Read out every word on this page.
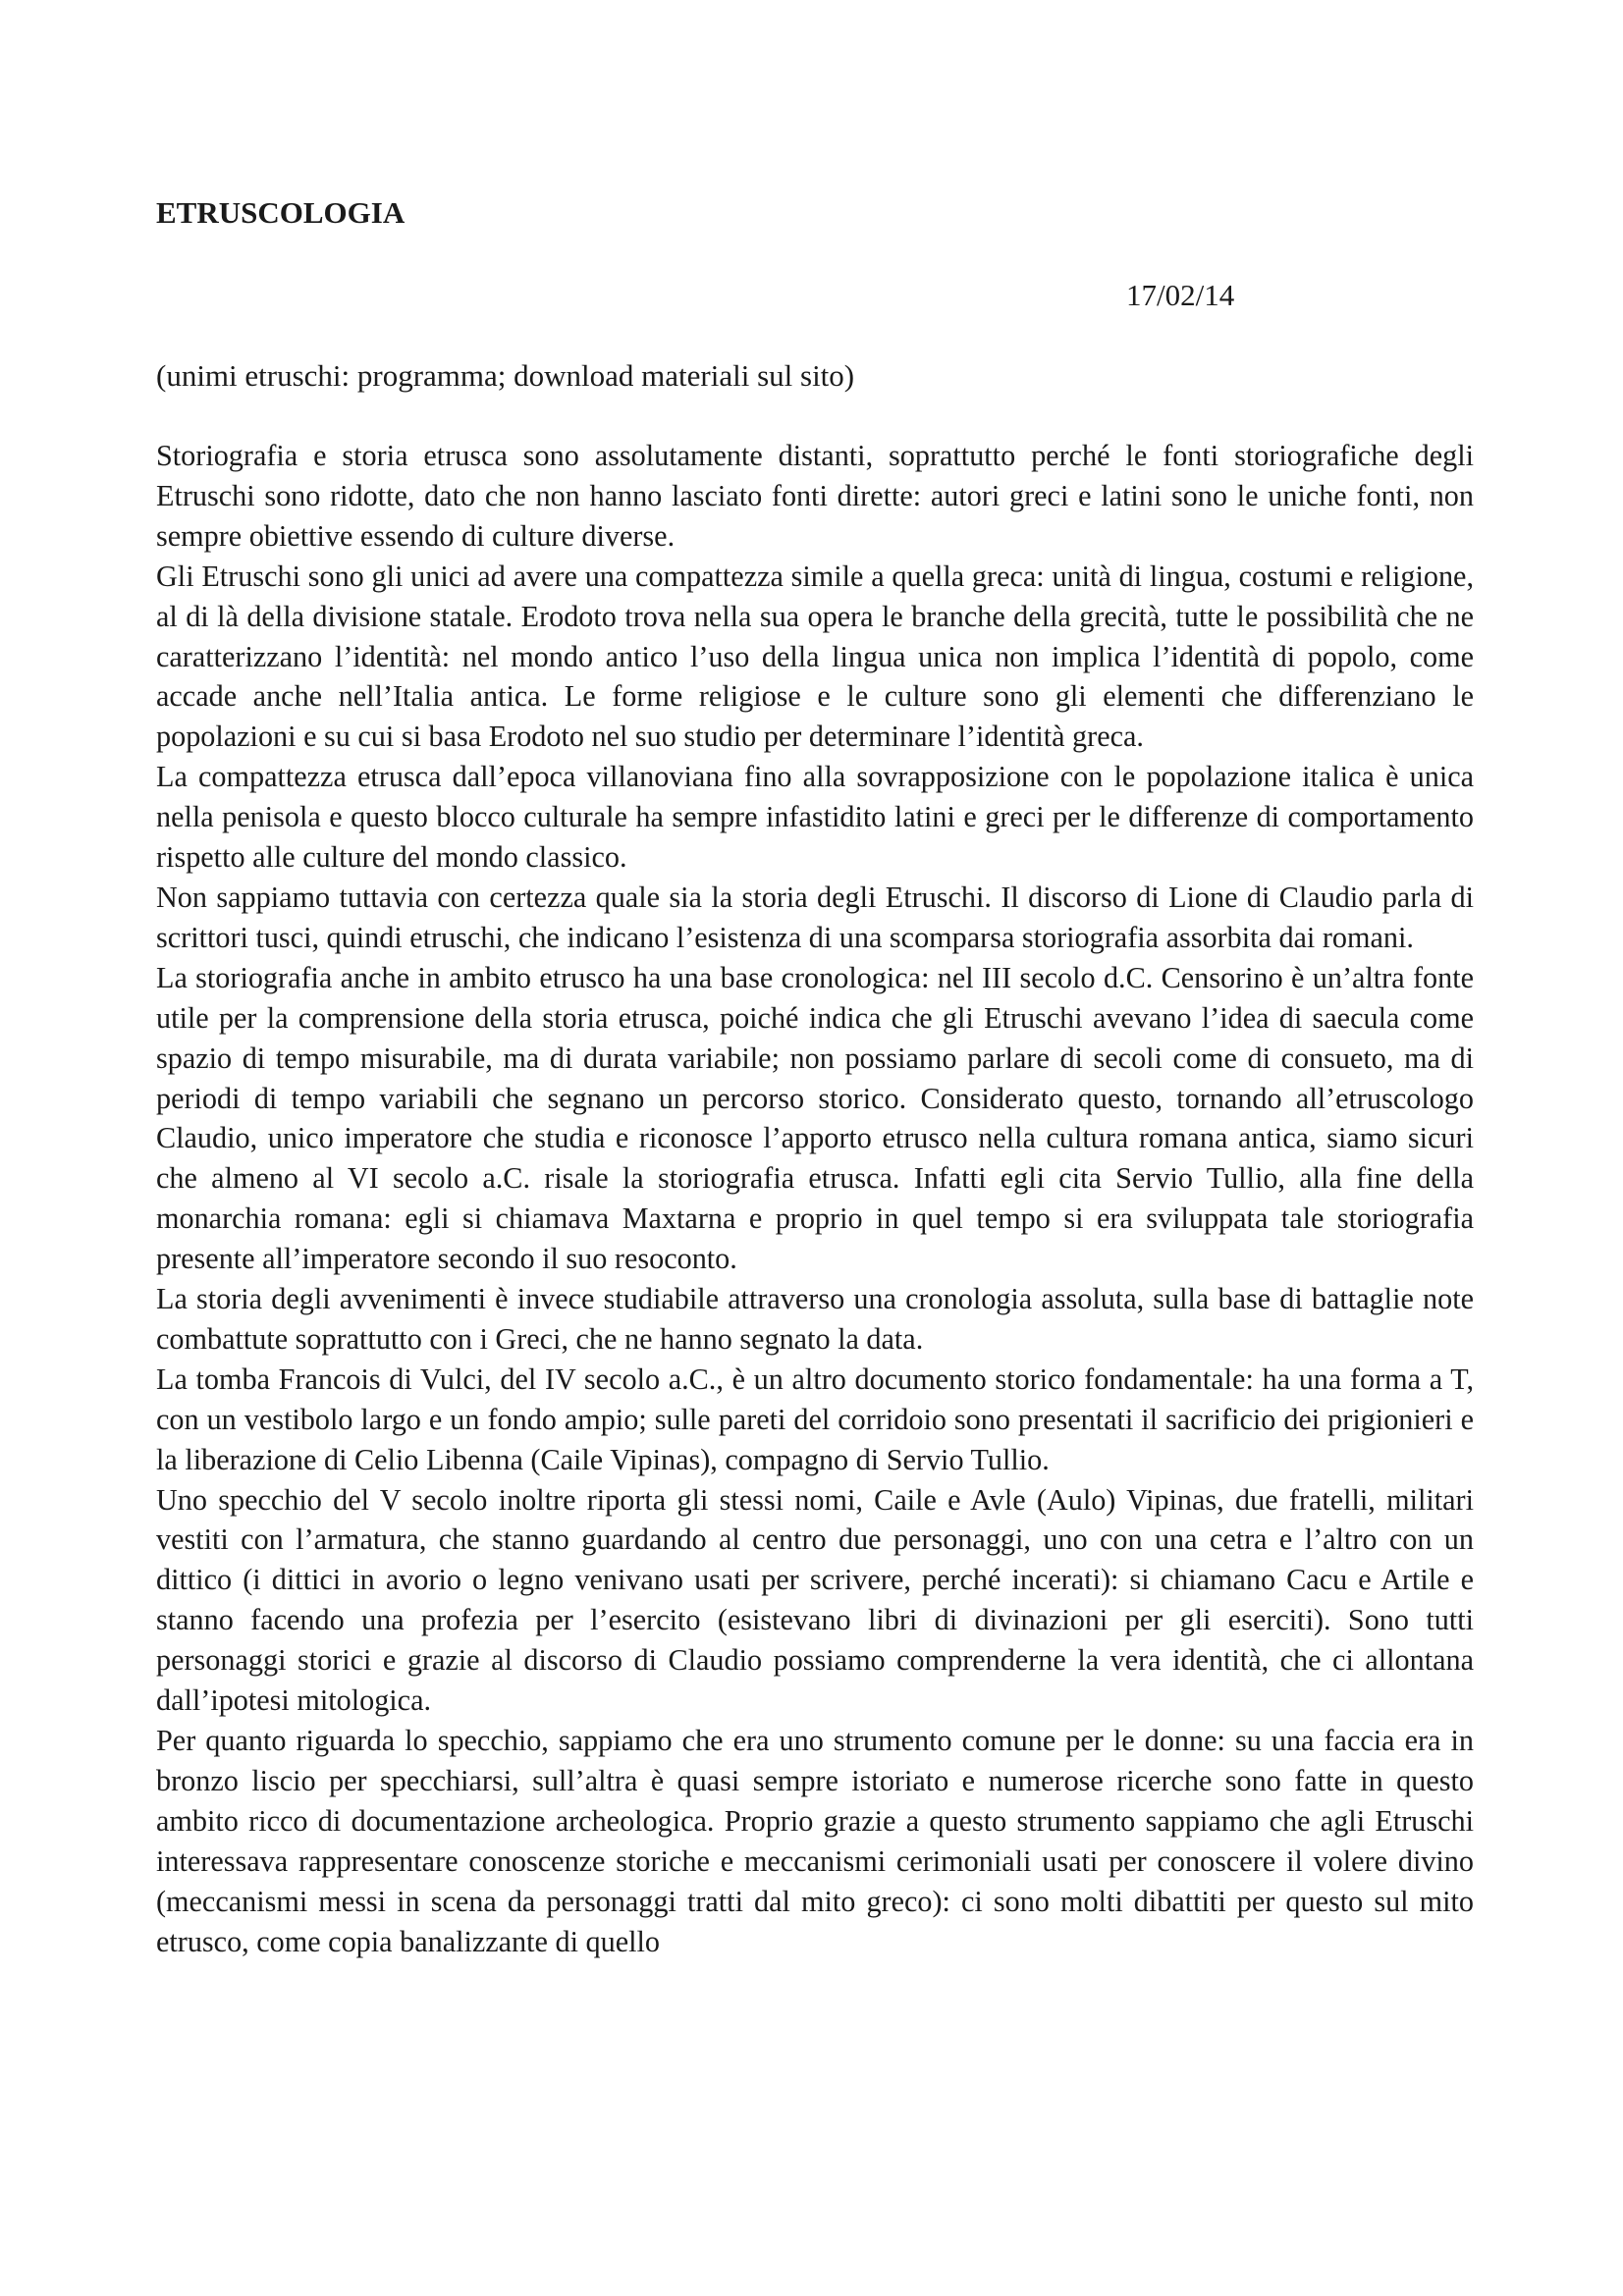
ETRUSCOLOGIA
17/02/14
(unimi etruschi: programma; download materiali sul sito)

Storiografia e storia etrusca sono assolutamente distanti, soprattutto perché le fonti storiografiche degli Etruschi sono ridotte, dato che non hanno lasciato fonti dirette: autori greci e latini sono le uniche fonti, non sempre obiettive essendo di culture diverse.

Gli Etruschi sono gli unici ad avere una compattezza simile a quella greca: unità di lingua, costumi e religione, al di là della divisione statale. Erodoto trova nella sua opera le branche della grecità, tutte le possibilità che ne caratterizzano l’identità: nel mondo antico l’uso della lingua unica non implica l’identità di popolo, come accade anche nell’Italia antica. Le forme religiose e le culture sono gli elementi che differenziano le popolazioni e su cui si basa Erodoto nel suo studio per determinare l’identità greca.

La compattezza etrusca dall’epoca villanoviana fino alla sovrapposizione con le popolazione italica è unica nella penisola e questo blocco culturale ha sempre infastidito latini e greci per le differenze di comportamento rispetto alle culture del mondo classico.

Non sappiamo tuttavia con certezza quale sia la storia degli Etruschi. Il discorso di Lione di Claudio parla di scrittori tusci, quindi etruschi, che indicano l’esistenza di una scomparsa storiografia assorbita dai romani.

La storiografia anche in ambito etrusco ha una base cronologica: nel III secolo d.C. Censorino è un’altra fonte utile per la comprensione della storia etrusca, poiché indica che gli Etruschi avevano l’idea di saecula come spazio di tempo misurabile, ma di durata variabile; non possiamo parlare di secoli come di consueto, ma di periodi di tempo variabili che segnano un percorso storico. Considerato questo, tornando all’etruscologo Claudio, unico imperatore che studia e riconosce l’apporto etrusco nella cultura romana antica, siamo sicuri che almeno al VI secolo a.C. risale la storiografia etrusca. Infatti egli cita Servio Tullio, alla fine della monarchia romana: egli si chiamava Maxtarna e proprio in quel tempo si era sviluppata tale storiografia presente all’imperatore secondo il suo resoconto.

La storia degli avvenimenti è invece studiabile attraverso una cronologia assoluta, sulla base di battaglie note combattute soprattutto con i Greci, che ne hanno segnato la data.

La tomba Francois di Vulci, del IV secolo a.C., è un altro documento storico fondamentale: ha una forma a T, con un vestibolo largo e un fondo ampio; sulle pareti del corridoio sono presentati il sacrificio dei prigionieri e la liberazione di Celio Libenna (Caile Vipinas), compagno di Servio Tullio.

Uno specchio del V secolo inoltre riporta gli stessi nomi, Caile e Avle (Aulo) Vipinas, due fratelli, militari vestiti con l’armatura, che stanno guardando al centro due personaggi, uno con una cetra e l’altro con un dittico (i dittici in avorio o legno venivano usati per scrivere, perché incerati): si chiamano Cacu e Artile e stanno facendo una profezia per l’esercito (esistevano libri di divinazioni per gli eserciti). Sono tutti personaggi storici e grazie al discorso di Claudio possiamo comprenderne la vera identità, che ci allontana dall’ipotesi mitologica.

Per quanto riguarda lo specchio, sappiamo che era uno strumento comune per le donne: su una faccia era in bronzo liscio per specchiarsi, sull’altra è quasi sempre istoriato e numerose ricerche sono fatte in questo ambito ricco di documentazione archeologica. Proprio grazie a questo strumento sappiamo che agli Etruschi interessava rappresentare conoscenze storiche e meccanismi cerimoniali usati per conoscere il volere divino (meccanismi messi in scena da personaggi tratti dal mito greco): ci sono molti dibattiti per questo sul mito etrusco, come copia banalizzante di quello
